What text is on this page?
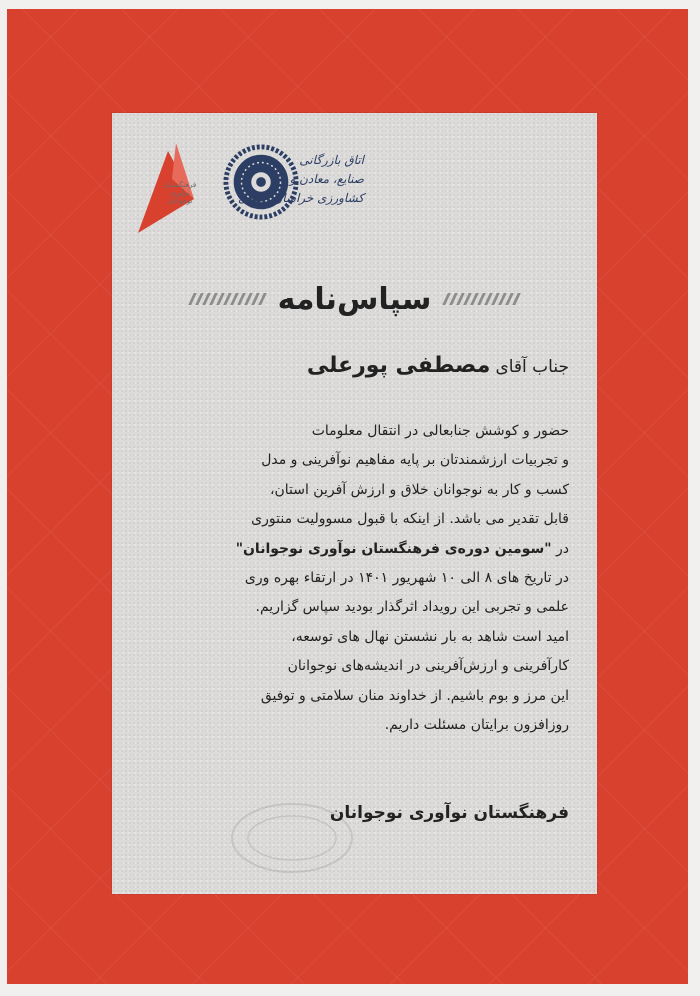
فرهنگستان
نوآوری
نوجوانان
اتاق بازرگانی
صنایع، معادن و
کشاورزی خراسان رضوی
سپاس‌نامه
جناب آقای مصطفی پورعلی
حضور و کوشش جنابعالی در انتقال معلومات
و تجربیات ارزشمندتان بر پایه مفاهیم نوآفرینی و مدل
کسب و کار به نوجوانان خلاق و ارزش آفرین استان،
قابل تقدیر می باشد. از اینکه با قبول مسوولیت منتوری
در "سومین دوره‌ی فرهنگستان نوآوری نوجوانان"
در تاریخ های ۸ الی ۱۰ شهریور ۱۴۰۱ در ارتقاء بهره وری
علمی و تجربی این رویداد اثرگذار بودید سپاس گزاریم.
امید است شاهد به بار نشستن نهال های توسعه،
کارآفرینی و ارزش‌آفرینی در اندیشه‌های نوجوانان
این مرز و بوم باشیم. از خداوند منان سلامتی و توفیق
روزافزون برایتان مسئلت داریم.
فرهنگستان نوآوری نوجوانان
